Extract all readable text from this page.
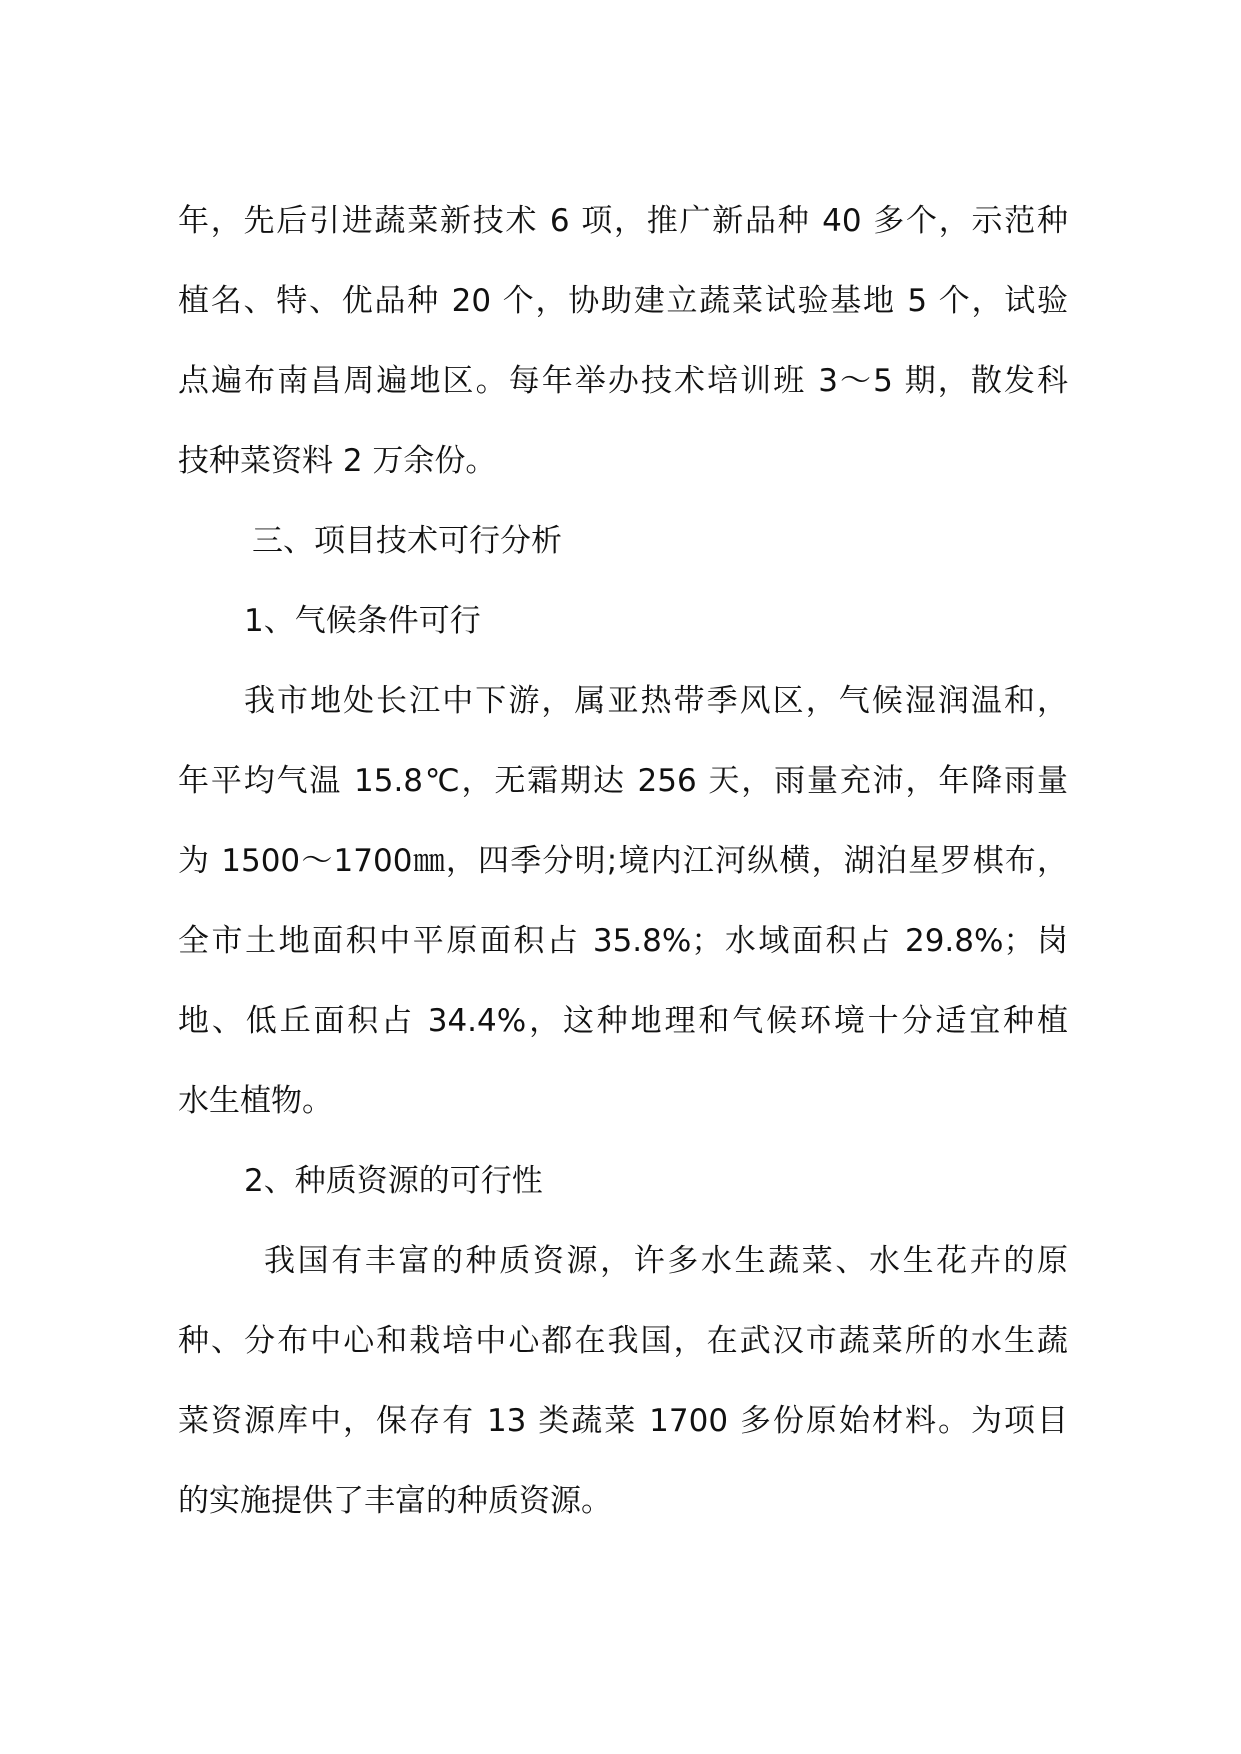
年，先后引进蔬菜新技术 6 项，推广新品种 40 多个，示范种
植名、特、优品种 20 个，协助建立蔬菜试验基地 5 个，试验
点遍布南昌周遍地区。每年举办技术培训班 3～5 期，散发科
技种菜资料 2 万余份。
三、项目技术可行分析
1、气候条件可行
我市地处长江中下游，属亚热带季风区，气候湿润温和，
年平均气温 15.8℃，无霜期达 256 天，雨量充沛，年降雨量
为 1500～1700㎜，四季分明;境内江河纵横，湖泊星罗棋布，
全市土地面积中平原面积占 35.8%；水域面积占 29.8%；岗
地、低丘面积占 34.4%，这种地理和气候环境十分适宜种植
水生植物。
2、种质资源的可行性
我国有丰富的种质资源，许多水生蔬菜、水生花卉的原
种、分布中心和栽培中心都在我国，在武汉市蔬菜所的水生蔬
菜资源库中，保存有 13 类蔬菜 1700 多份原始材料。为项目
的实施提供了丰富的种质资源。
